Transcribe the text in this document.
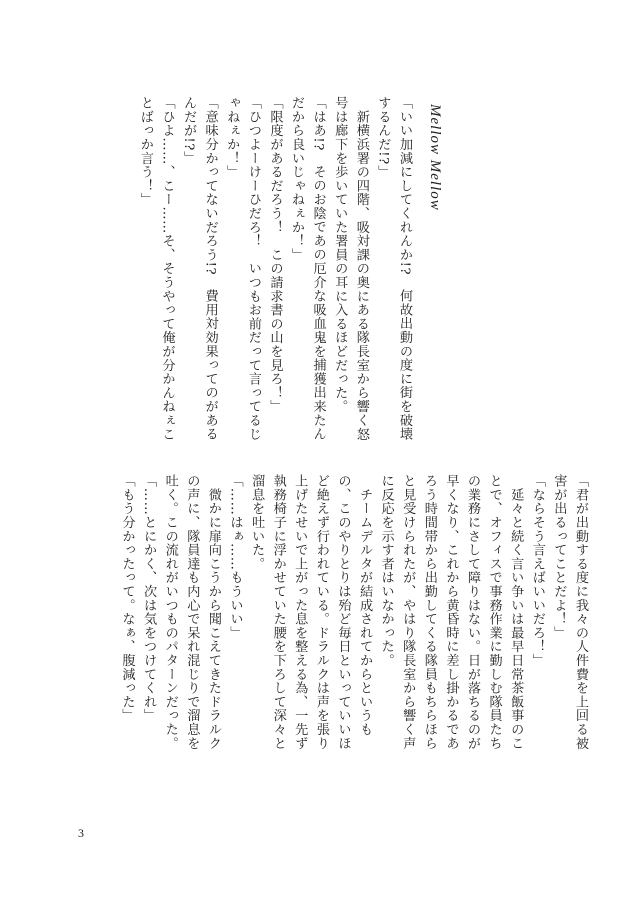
Mellow Mellow

「いい加減にしてくれんか!?　何故出動の度に街を破壊するんだ!?」

　新横浜署の四階、吸対課の奥にある隊長室から響く怒号は廊下を歩いていた署員の耳に入るほどだった。

「はあ!?　そのお陰であの厄介な吸血鬼を捕獲出来たんだから良いじゃねぇか！」

「限度があるだろう！　この請求書の山を見ろ！」

「ひつよーけーひだろ！　いつもお前だって言ってるじゃねぇか！」

「意味分かってないだろう!?　費用対効果ってのがあるんだが!?」

「ひよ……、こー……そ、そうやって俺が分かんねぇことばっか言う！」

「君が出動する度に我々の人件費を上回る被害が出るってことだよ！」

「ならそう言えばいいだろ！」

　延々と続く言い争いは最早日常茶飯事のことで、オフィスで事務作業に勤しむ隊員たちの業務にさして障りはない。日が落ちるのが早くなり、これから黄昏時に差し掛かるであろう時間帯から出勤してくる隊員もちらほらと見受けられたが、やはり隊長室から響く声に反応を示す者はいなかった。

　チームデルタが結成されてからというもの、このやりとりは殆ど毎日といっていいほど絶えず行われている。ドラルクは声を張り上げたせいで上がった息を整える為、一先ず執務椅子に浮かせていた腰を下ろして深々と溜息を吐いた。

「……はぁ……もういい」

　微かに扉向こうから聞こえてきたドラルクの声に、隊員達も内心で呆れ混じりで溜息を吐く。この流れがいつものパターンだった。

「……とにかく、次は気をつけてくれ」

「もう分かったって。なぁ、腹減った」

3
